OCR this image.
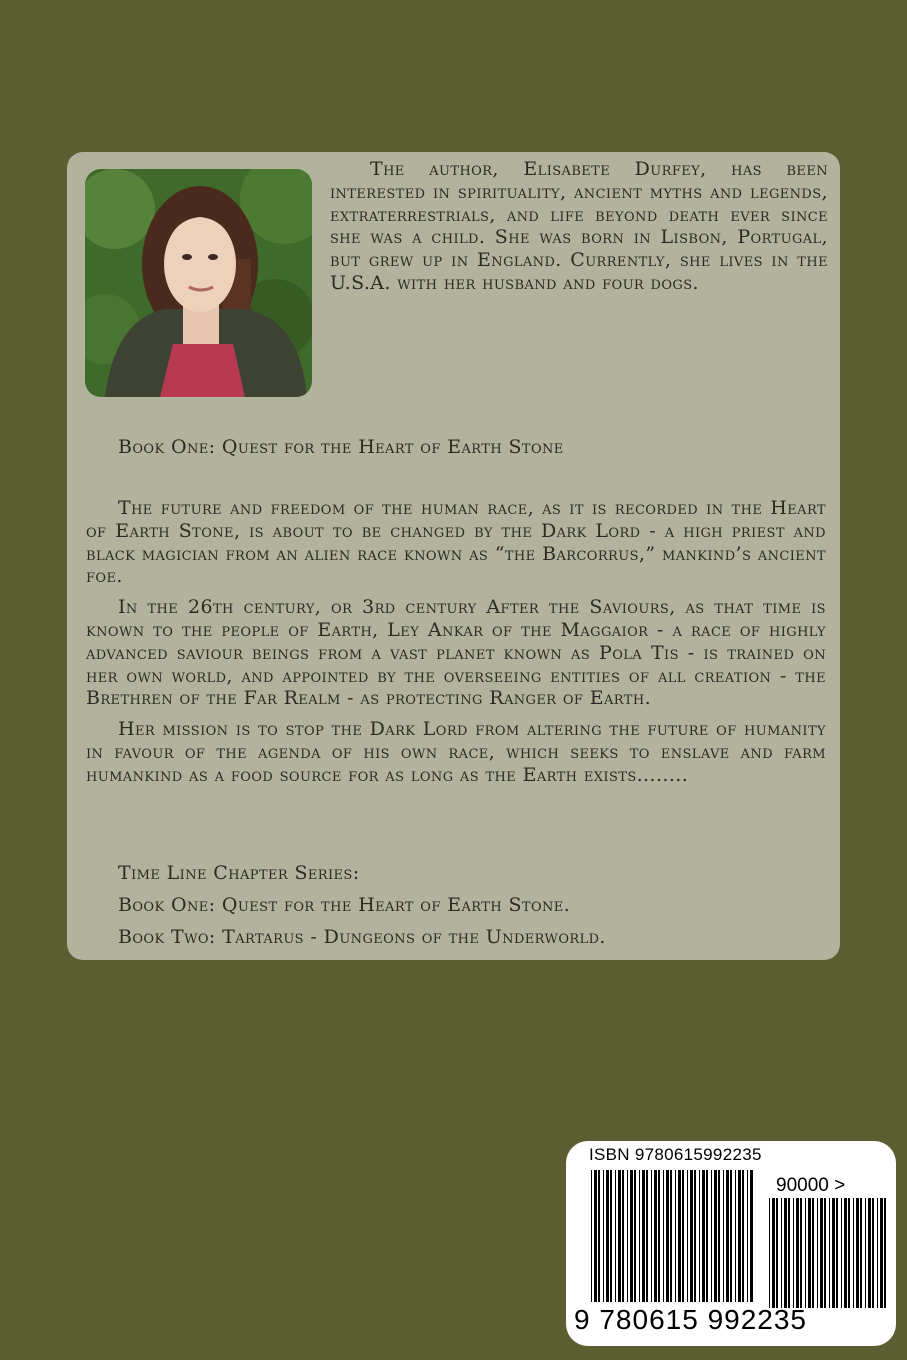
The author, Elisabete Durfey, has been interested in spirituality, ancient myths and legends, extraterrestrials, and life beyond death ever since she was a child. She was born in Lisbon, Portugal, but grew up in England. Currently, she lives in the U.S.A. with her husband and four dogs.
Book One: Quest for the Heart of Earth Stone

The future and freedom of the human race, as it is recorded in the Heart of Earth Stone, is about to be changed by the Dark Lord - a high priest and black magician from an alien race known as “the Barcorrus,” mankind’s ancient foe.

In the 26th century, or 3rd century After the Saviours, as that time is known to the people of Earth, Ley Ankar of the Maggaior - a race of highly advanced saviour beings from a vast planet known as Pola Tis - is trained on her own world, and appointed by the overseeing entities of all creation - the Brethren of the Far Realm - as protecting Ranger of Earth.

Her mission is to stop the Dark Lord from altering the future of humanity in favour of the agenda of his own race, which seeks to enslave and farm humankind as a food source for as long as the Earth exists........

Time Line Chapter Series:
Book One: Quest for the Heart of Earth Stone.
Book Two: Tartarus - Dungeons of the Underworld.
ISBN 9780615992235
90000 >
9 780615 992235
